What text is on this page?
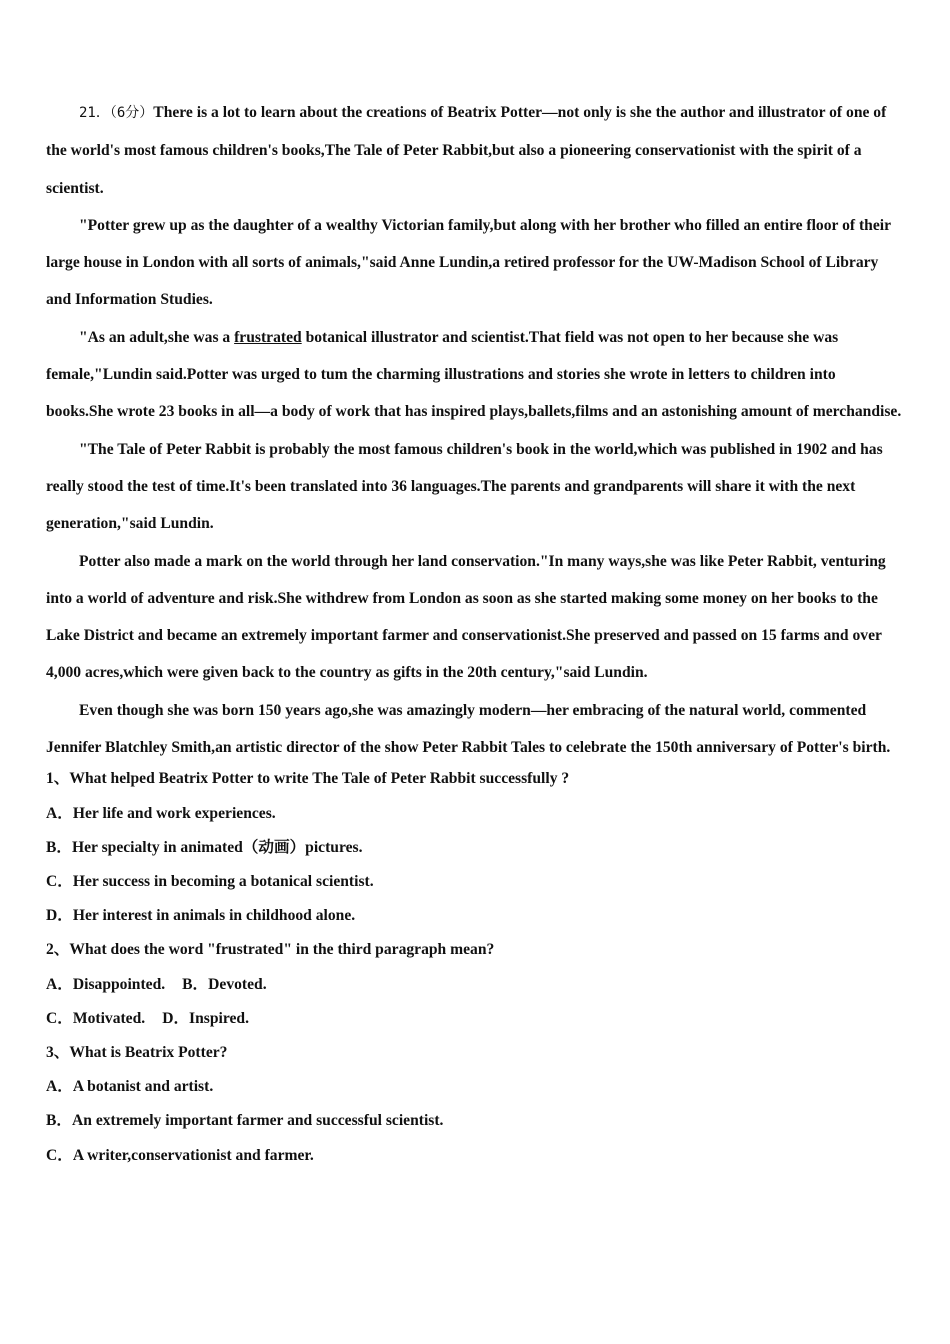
21．（6分）There is a lot to learn about the creations of Beatrix Potter—not only is she the author and illustrator of one of the world's most famous children's books,The Tale of Peter Rabbit,but also a pioneering conservationist with the spirit of a scientist.

"Potter grew up as the daughter of a wealthy Victorian family,but along with her brother who filled an entire floor of their large house in London with all sorts of animals,"said Anne Lundin,a retired professor for the UW-Madison School of Library and Information Studies.

"As an adult,she was a frustrated botanical illustrator and scientist.That field was not open to her because she was female,"Lundin said.Potter was urged to tum the charming illustrations and stories she wrote in letters to children into books.She wrote 23 books in all—a body of work that has inspired plays,ballets,films and an astonishing amount of merchandise.

"The Tale of Peter Rabbit is probably the most famous children's book in the world,which was published in 1902 and has really stood the test of time.It's been translated into 36 languages.The parents and grandparents will share it with the next generation,"said Lundin.

Potter also made a mark on the world through her land conservation."In many ways,she was like Peter Rabbit, venturing into a world of adventure and risk.She withdrew from London as soon as she started making some money on her books to the Lake District and became an extremely important farmer and conservationist.She preserved and passed on 15 farms and over 4,000 acres,which were given back to the country as gifts in the 20th century,"said Lundin.

Even though she was born 150 years ago,she was amazingly modern—her embracing of the natural world, commented Jennifer Blatchley Smith,an artistic director of the show Peter Rabbit Tales to celebrate the 150th anniversary of Potter's birth.

1、What helped Beatrix Potter to write The Tale of Peter Rabbit successfully ?

A．Her life and work experiences.

B．Her specialty in animated（动画）pictures.

C．Her success in becoming a botanical scientist.

D．Her interest in animals in childhood alone.

2、What does the word "frustrated" in the third paragraph mean?

A．Disappointed. B．Devoted.

C．Motivated. D．Inspired.

3、What is Beatrix Potter?

A．A botanist and artist.

B．An extremely important farmer and successful scientist.

C．A writer,conservationist and farmer.
